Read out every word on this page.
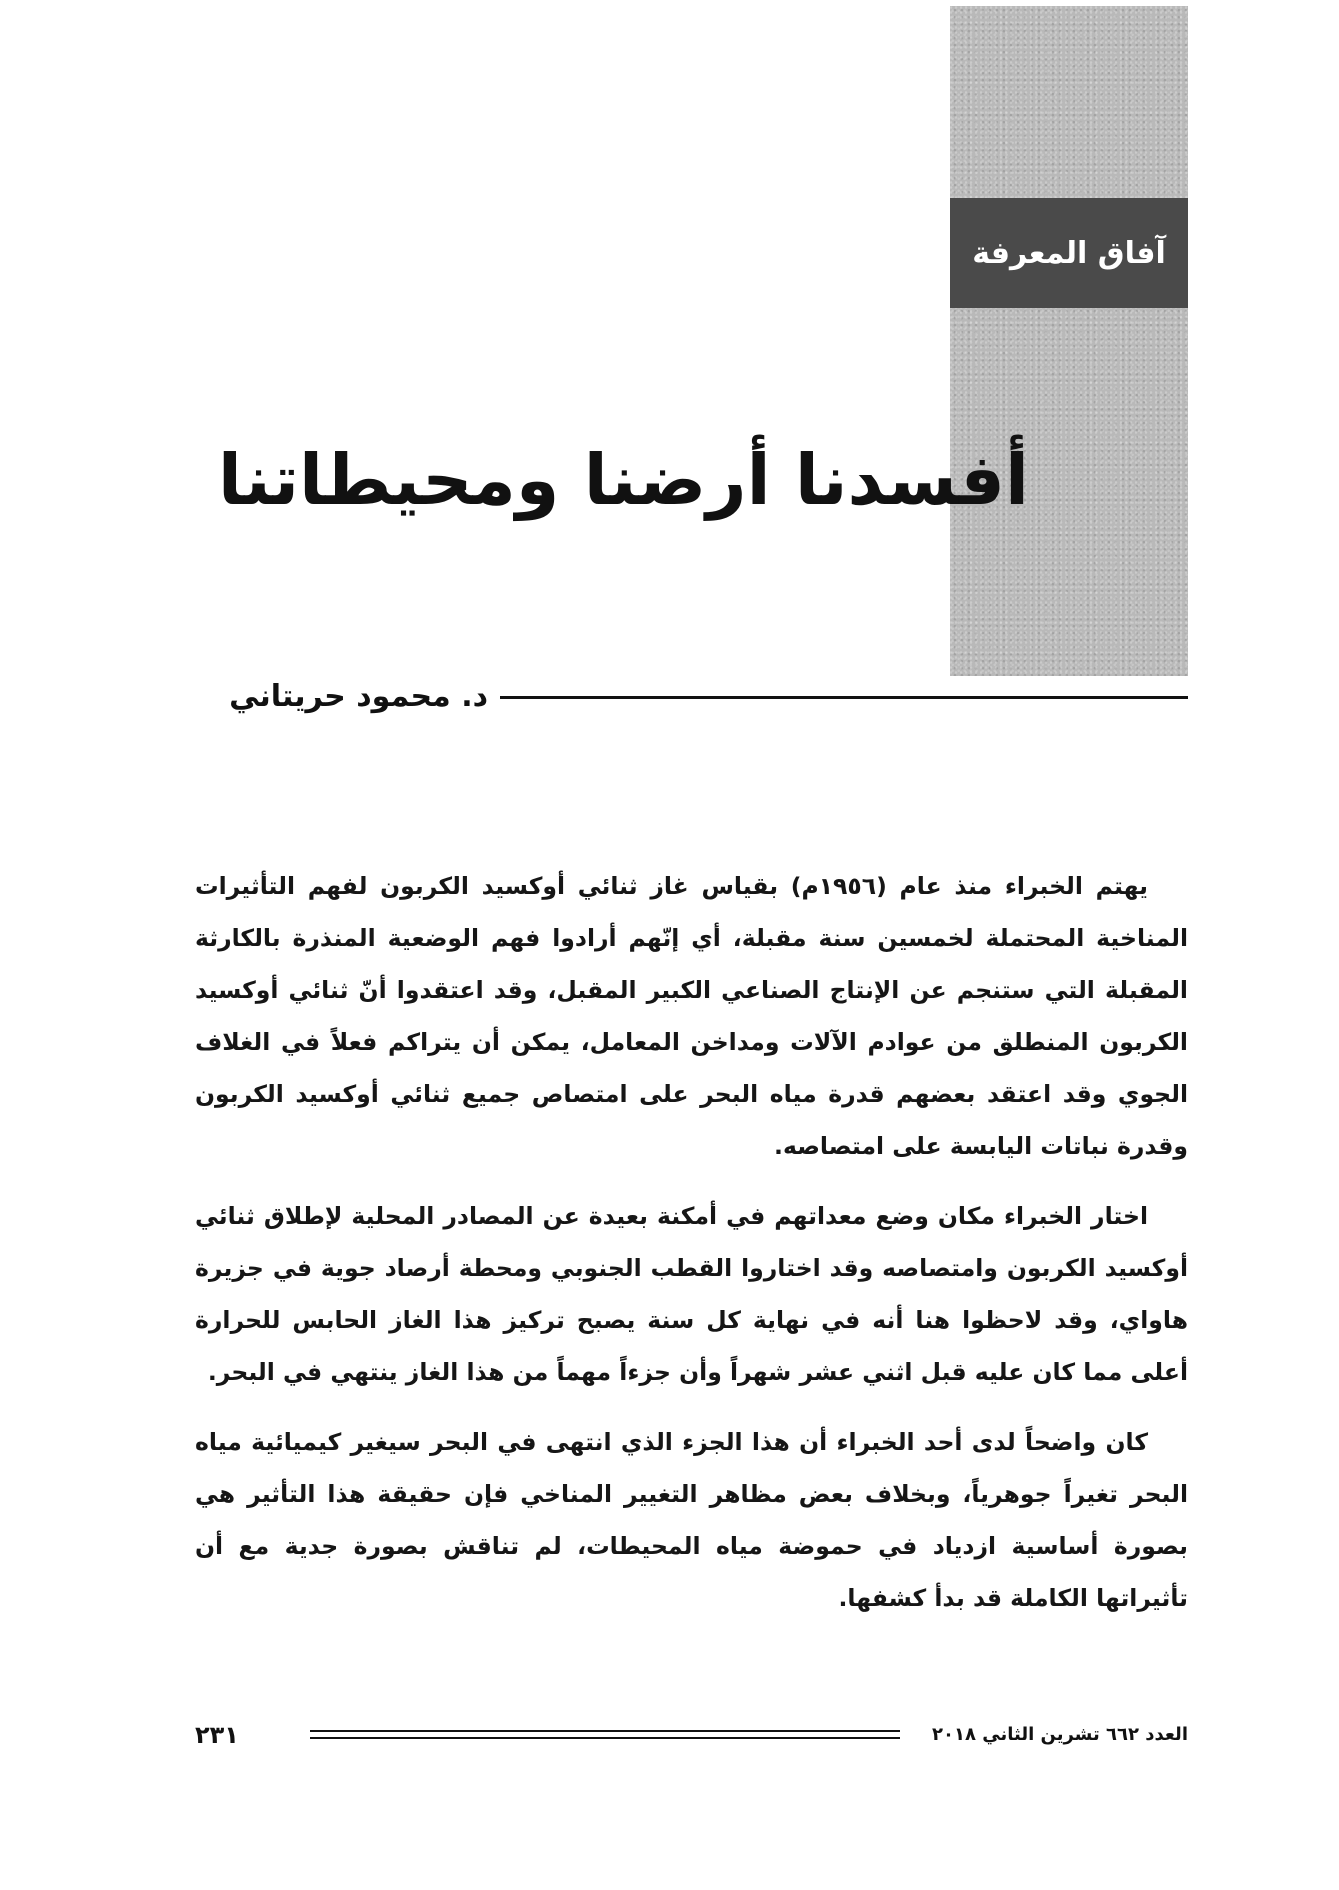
آفاق المعرفة
أفسدنا أرضنا ومحيطاتنا
د. محمود حريتاني

يهتم الخبراء منذ عام (١٩٥٦م) بقياس غاز ثنائي أوكسيد الكربون لفهم التأثيرات المناخية المحتملة لخمسين سنة مقبلة، أي إنّهم أرادوا فهم الوضعية المنذرة بالكارثة المقبلة التي ستنجم عن الإنتاج الصناعي الكبير المقبل، وقد اعتقدوا أنّ ثنائي أوكسيد الكربون المنطلق من عوادم الآلات ومداخن المعامل، يمكن أن يتراكم فعلاً في الغلاف الجوي وقد اعتقد بعضهم قدرة مياه البحر على امتصاص جميع ثنائي أوكسيد الكربون وقدرة نباتات اليابسة على امتصاصه.

اختار الخبراء مكان وضع معداتهم في أمكنة بعيدة عن المصادر المحلية لإطلاق ثنائي أوكسيد الكربون وامتصاصه وقد اختاروا القطب الجنوبي ومحطة أرصاد جوية في جزيرة هاواي، وقد لاحظوا هنا أنه في نهاية كل سنة يصبح تركيز هذا الغاز الحابس للحرارة أعلى مما كان عليه قبل اثني عشر شهراً وأن جزءاً مهماً من هذا الغاز ينتهي في البحر.

كان واضحاً لدى أحد الخبراء أن هذا الجزء الذي انتهى في البحر سيغير كيميائية مياه البحر تغيراً جوهرياً، وبخلاف بعض مظاهر التغيير المناخي فإن حقيقة هذا التأثير هي بصورة أساسية ازدياد في حموضة مياه المحيطات، لم تناقش بصورة جدية مع أن تأثيراتها الكاملة قد بدأ كشفها.

العدد ٦٦٢ تشرين الثاني ٢٠١٨
٢٣١
